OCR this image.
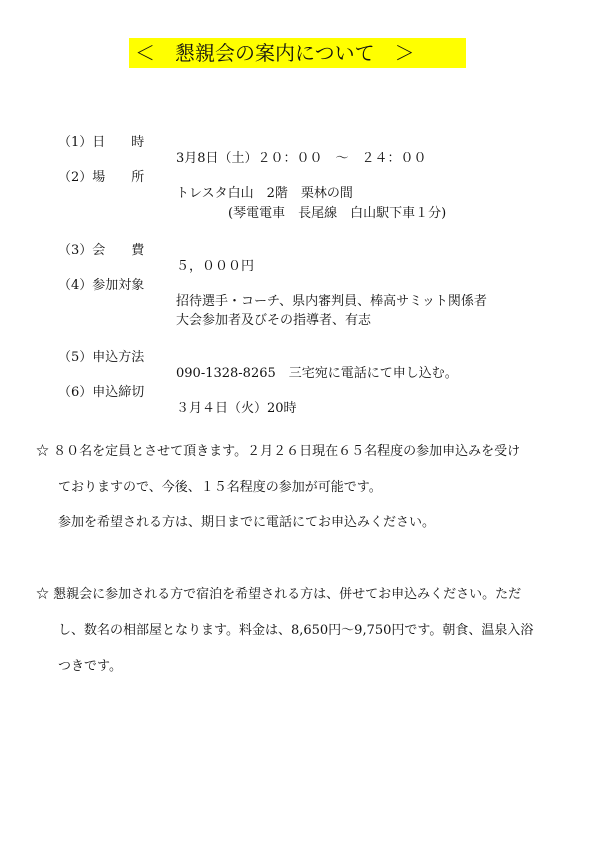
＜　懇親会の案内について　＞

（1）日　　時

3月8日（土）２０：００　～　２４：００

（2）場　　所

トレスタ白山　2階　栗林の間

(琴電電車　長尾線　白山駅下車１分)

（3）会　　費

５，０００円

（4）参加対象

招待選手・コーチ、県内審判員、棒高サミット関係者

大会参加者及びその指導者、有志

（5）申込方法

090-1328-8265　三宅宛に電話にて申し込む。

（6）申込締切

３月４日（火）20時

☆ ８０名を定員とさせて頂きます。２月２６日現在６５名程度の参加申込みを受け
ておりますので、今後、１５名程度の参加が可能です。
参加を希望される方は、期日までに電話にてお申込みください。
☆ 懇親会に参加される方で宿泊を希望される方は、併せてお申込みください。ただ
し、数名の相部屋となります。料金は、8,650円～9,750円です。朝食、温泉入浴
つきです。
